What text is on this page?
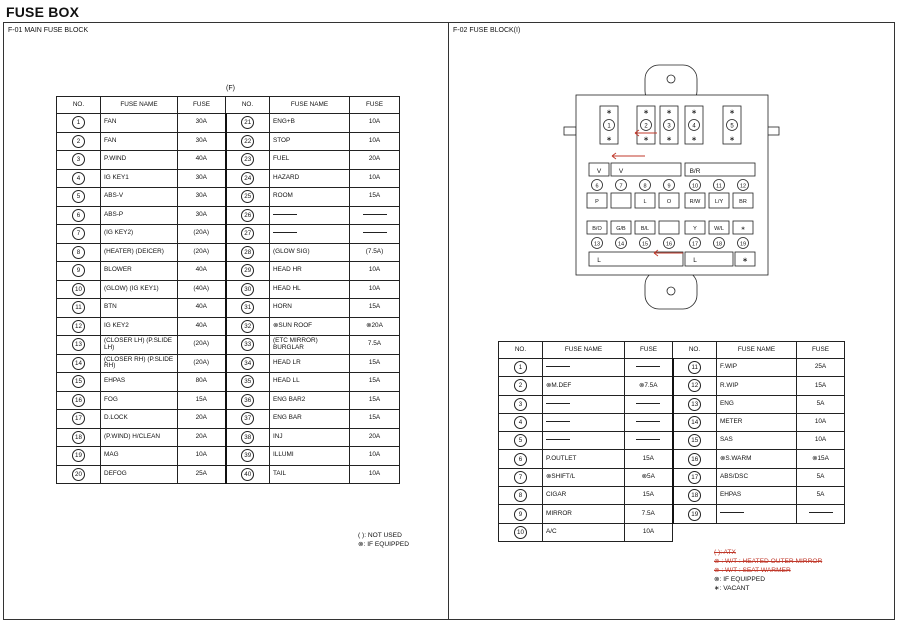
FUSE BOX
F-01 MAIN FUSE BLOCK
(F)
NO.	FUSE NAME	FUSE	NO.	FUSE NAME	FUSE
1	FAN	30A	21	ENG+B	10A
2	FAN	30A	22	STOP	10A
3	P.WIND	40A	23	FUEL	20A
4	IG KEY1	30A	24	HAZARD	10A
5	ABS-V	30A	25	ROOM	15A
6	ABS-P	30A	26		
7	(IG KEY2)	(20A)	27		
8	(HEATER) (DEICER)	(20A)	28	(GLOW SIG)	(7.5A)
9	BLOWER	40A	29	HEAD HR	10A
10	(GLOW) (IG KEY1)	(40A)	30	HEAD HL	10A
11	BTN	40A	31	HORN	15A
12	IG KEY2	40A	32	⊗SUN ROOF	⊗20A
13	(CLOSER LH) (P.SLIDE LH)	(20A)	33	(ETC MIRROR) BURGLAR	7.5A
14	(CLOSER RH) (P.SLIDE RH)	(20A)	34	HEAD LR	15A
15	EHPAS	80A	35	HEAD LL	15A
16	FOG	15A	36	ENG BAR2	15A
17	D.LOCK	20A	37	ENG BAR	15A
18	(P.WIND) H/CLEAN	20A	38	INJ	20A
19	MAG	10A	39	ILLUMI	10A
20	DEFOG	25A	40	TAIL	10A
( ): NOT USED
⊗: IF EQUIPPED
F-02 FUSE BLOCK(I)
∗
1
∗
∗
2
∗
∗
3
∗
∗
4
∗
∗
5
∗
V	V	B/R
6
P
7	8
L
9
O
10
R/W
11
L/Y
12
BR
B/O
13
G/B
14
B/L
15	16
Y
17
W/L
18
∗
19
L	L	∗
NO.	FUSE NAME	FUSE	NO.	FUSE NAME	FUSE
1			11	F.WIP	25A
2	⊗M.DEF	⊗7.5A	12	R.WIP	15A
3			13	ENG	5A
4			14	METER	10A
5			15	SAS	10A
6	P.OUTLET	15A	16	⊗S.WARM	⊗15A
7	⊗SHIFT/L	⊗5A	17	ABS/DSC	5A
8	CIGAR	15A	18	EHPAS	5A
9	MIRROR	7.5A	19		
10	A/C	10A			
( ): ATX
⊗ : W/T : HEATED OUTER MIRROR
⊗ : W/T : SEAT WARMER
⊗: IF EQUIPPED
∗: VACANT
